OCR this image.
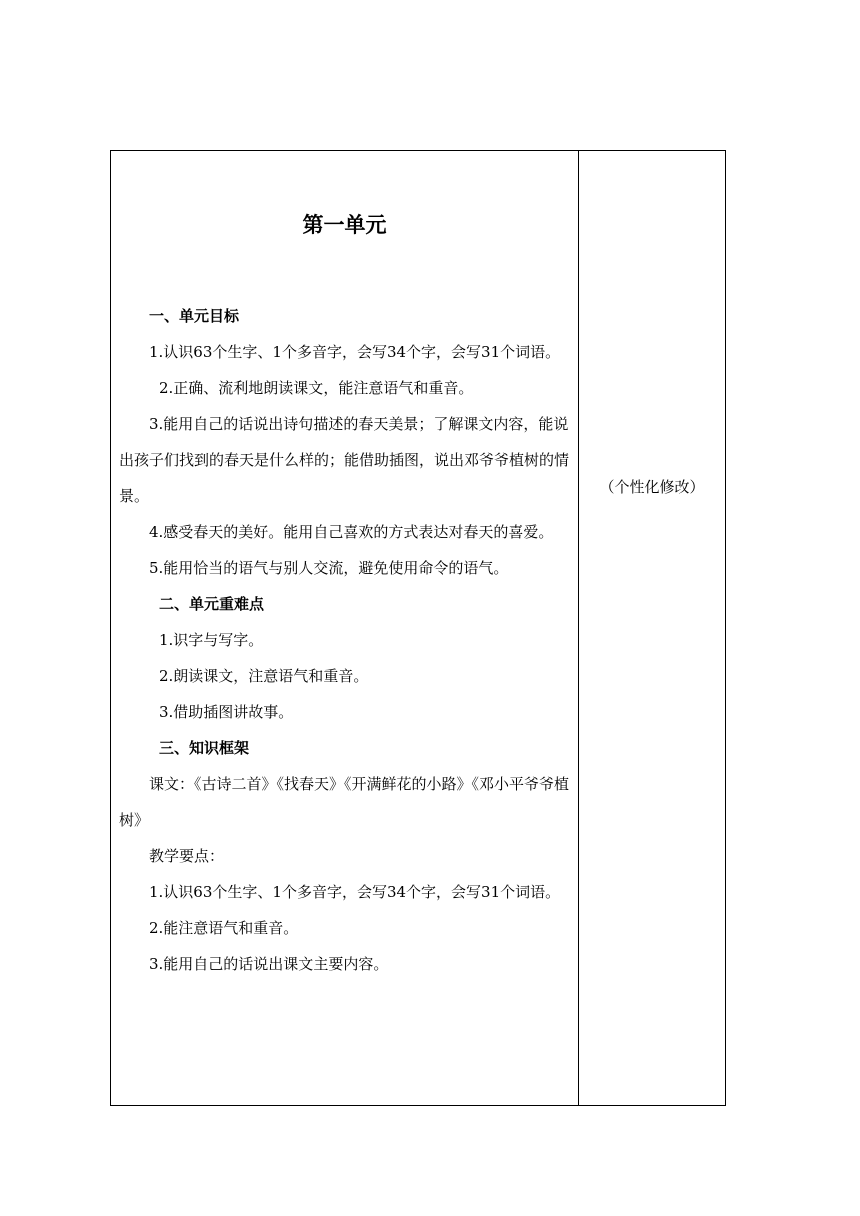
第一单元

一、单元目标

1.认识63个生字、1个多音字，会写34个字，会写31个词语。

2.正确、流利地朗读课文，能注意语气和重音。

3.能用自己的话说出诗句描述的春天美景；了解课文内容，能说出孩子们找到的春天是什么样的；能借助插图，说出邓爷爷植树的情景。

4.感受春天的美好。能用自己喜欢的方式表达对春天的喜爱。

5.能用恰当的语气与别人交流，避免使用命令的语气。

二、单元重难点

1.识字与写字。

2.朗读课文，注意语气和重音。

3.借助插图讲故事。

三、知识框架

课文：《古诗二首》《找春天》《开满鲜花的小路》《邓小平爷爷植树》

教学要点：

1.认识63个生字、1个多音字，会写34个字，会写31个词语。

2.能注意语气和重音。

3.能用自己的话说出课文主要内容。

（个性化修改）
